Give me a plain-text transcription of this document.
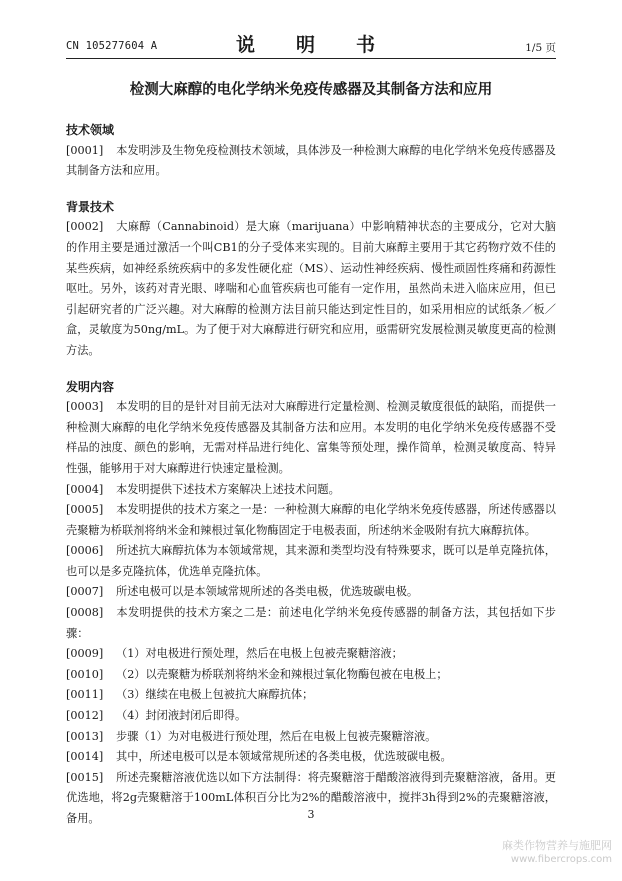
CN 105277604 A	说　明　书	1/5 页
检测大麻醇的电化学纳米免疫传感器及其制备方法和应用
技术领域
[0001] 本发明涉及生物免疫检测技术领域，具体涉及一种检测大麻醇的电化学纳米免疫传感器及其制备方法和应用。
背景技术
[0002] 大麻醇（Cannabinoid）是大麻（marijuana）中影响精神状态的主要成分，它对大脑的作用主要是通过激活一个叫CB1的分子受体来实现的。目前大麻醇主要用于其它药物疗效不佳的某些疾病，如神经系统疾病中的多发性硬化症（MS）、运动性神经疾病、慢性顽固性疼痛和药源性呕吐。另外，该药对青光眼、哮喘和心血管疾病也可能有一定作用，虽然尚未进入临床应用，但已引起研究者的广泛兴趣。对大麻醇的检测方法目前只能达到定性目的，如采用相应的试纸条／板／盒，灵敏度为50ng/mL。为了便于对大麻醇进行研究和应用，亟需研究发展检测灵敏度更高的检测方法。
发明内容
[0003] 本发明的目的是针对目前无法对大麻醇进行定量检测、检测灵敏度很低的缺陷，而提供一种检测大麻醇的电化学纳米免疫传感器及其制备方法和应用。本发明的电化学纳米免疫传感器不受样品的浊度、颜色的影响，无需对样品进行纯化、富集等预处理，操作简单，检测灵敏度高、特异性强，能够用于对大麻醇进行快速定量检测。
[0004] 本发明提供下述技术方案解决上述技术问题。
[0005] 本发明提供的技术方案之一是：一种检测大麻醇的电化学纳米免疫传感器，所述传感器以壳聚糖为桥联剂将纳米金和辣根过氧化物酶固定于电极表面，所述纳米金吸附有抗大麻醇抗体。
[0006] 所述抗大麻醇抗体为本领域常规，其来源和类型均没有特殊要求，既可以是单克隆抗体，也可以是多克隆抗体，优选单克隆抗体。
[0007] 所述电极可以是本领域常规所述的各类电极，优选玻碳电极。
[0008] 本发明提供的技术方案之二是：前述电化学纳米免疫传感器的制备方法，其包括如下步骤：
[0009] （1）对电极进行预处理，然后在电极上包被壳聚糖溶液；
[0010] （2）以壳聚糖为桥联剂将纳米金和辣根过氧化物酶包被在电极上；
[0011] （3）继续在电极上包被抗大麻醇抗体；
[0012] （4）封闭液封闭后即得。
[0013] 步骤（1）为对电极进行预处理，然后在电极上包被壳聚糖溶液。
[0014] 其中，所述电极可以是本领域常规所述的各类电极，优选玻碳电极。
[0015] 所述壳聚糖溶液优选以如下方法制得：将壳聚糖溶于醋酸溶液得到壳聚糖溶液，备用。更优选地，将2g壳聚糖溶于100mL体积百分比为2%的醋酸溶液中，搅拌3h得到2%的壳聚糖溶液，备用。	3
麻类作物营养与施肥网
www.fibercrops.com
